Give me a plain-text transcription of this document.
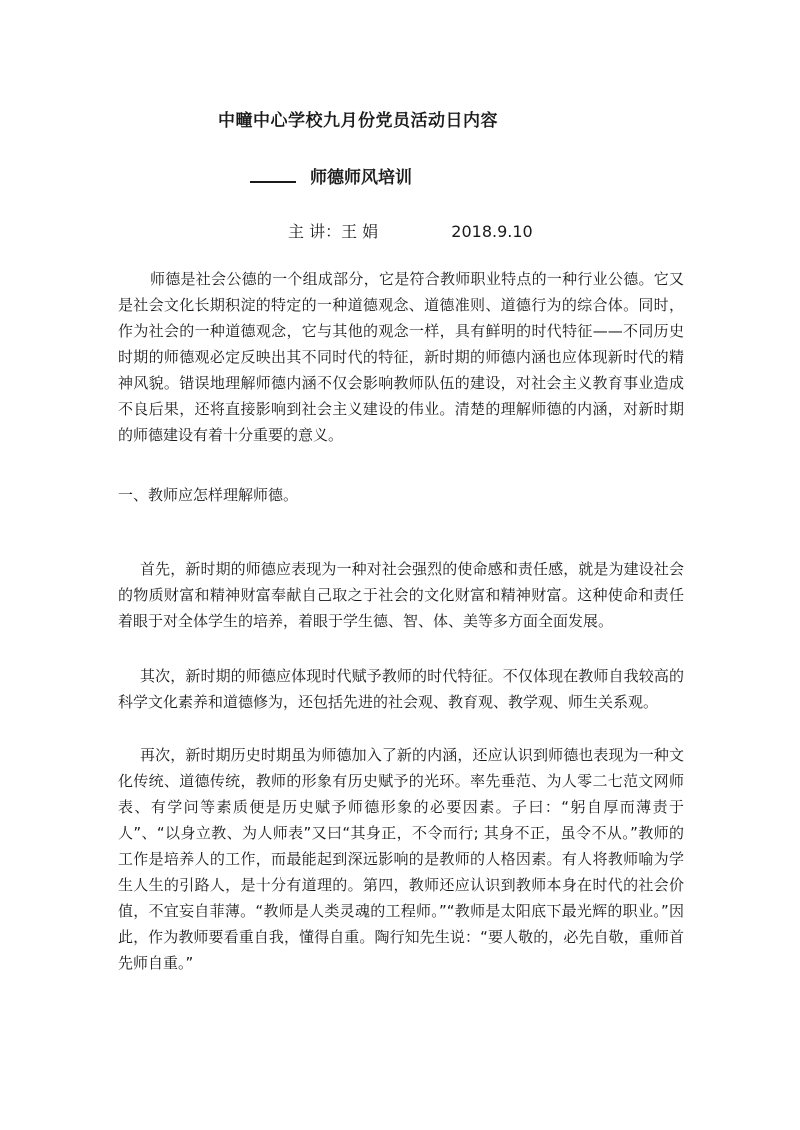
中疃中心学校九月份党员活动日内容
师德师风培训
主 讲：王 娟	2018.9.10

师德是社会公德的一个组成部分，它是符合教师职业特点的一种行业公德。它又是社会文化长期积淀的特定的一种道德观念、道德准则、道德行为的综合体。同时，作为社会的一种道德观念，它与其他的观念一样，具有鲜明的时代特征——不同历史时期的师德观必定反映出其不同时代的特征，新时期的师德内涵也应体现新时代的精神风貌。错误地理解师德内涵不仅会影响教师队伍的建设，对社会主义教育事业造成不良后果，还将直接影响到社会主义建设的伟业。清楚的理解师德的内涵，对新时期的师德建设有着十分重要的意义。

一、教师应怎样理解师德。

首先，新时期的师德应表现为一种对社会强烈的使命感和责任感，就是为建设社会的物质财富和精神财富奉献自己取之于社会的文化财富和精神财富。这种使命和责任着眼于对全体学生的培养，着眼于学生德、智、体、美等多方面全面发展。

其次，新时期的师德应体现时代赋予教师的时代特征。不仅体现在教师自我较高的科学文化素养和道德修为，还包括先进的社会观、教育观、教学观、师生关系观。

再次，新时期历史时期虽为师德加入了新的内涵，还应认识到师德也表现为一种文化传统、道德传统，教师的形象有历史赋予的光环。率先垂范、为人零二七范文网师表、有学问等素质便是历史赋予师德形象的必要因素。子曰：“躬自厚而薄责于人”、“以身立教、为人师表”又曰“其身正，不令而行; 其身不正，虽令不从。”教师的工作是培养人的工作，而最能起到深远影响的是教师的人格因素。有人将教师喻为学生人生的引路人，是十分有道理的。第四，教师还应认识到教师本身在时代的社会价值，不宜妄自菲薄。“教师是人类灵魂的工程师。”“教师是太阳底下最光辉的职业。”因此，作为教师要看重自我，懂得自重。陶行知先生说：“要人敬的，必先自敬，重师首先师自重。”
